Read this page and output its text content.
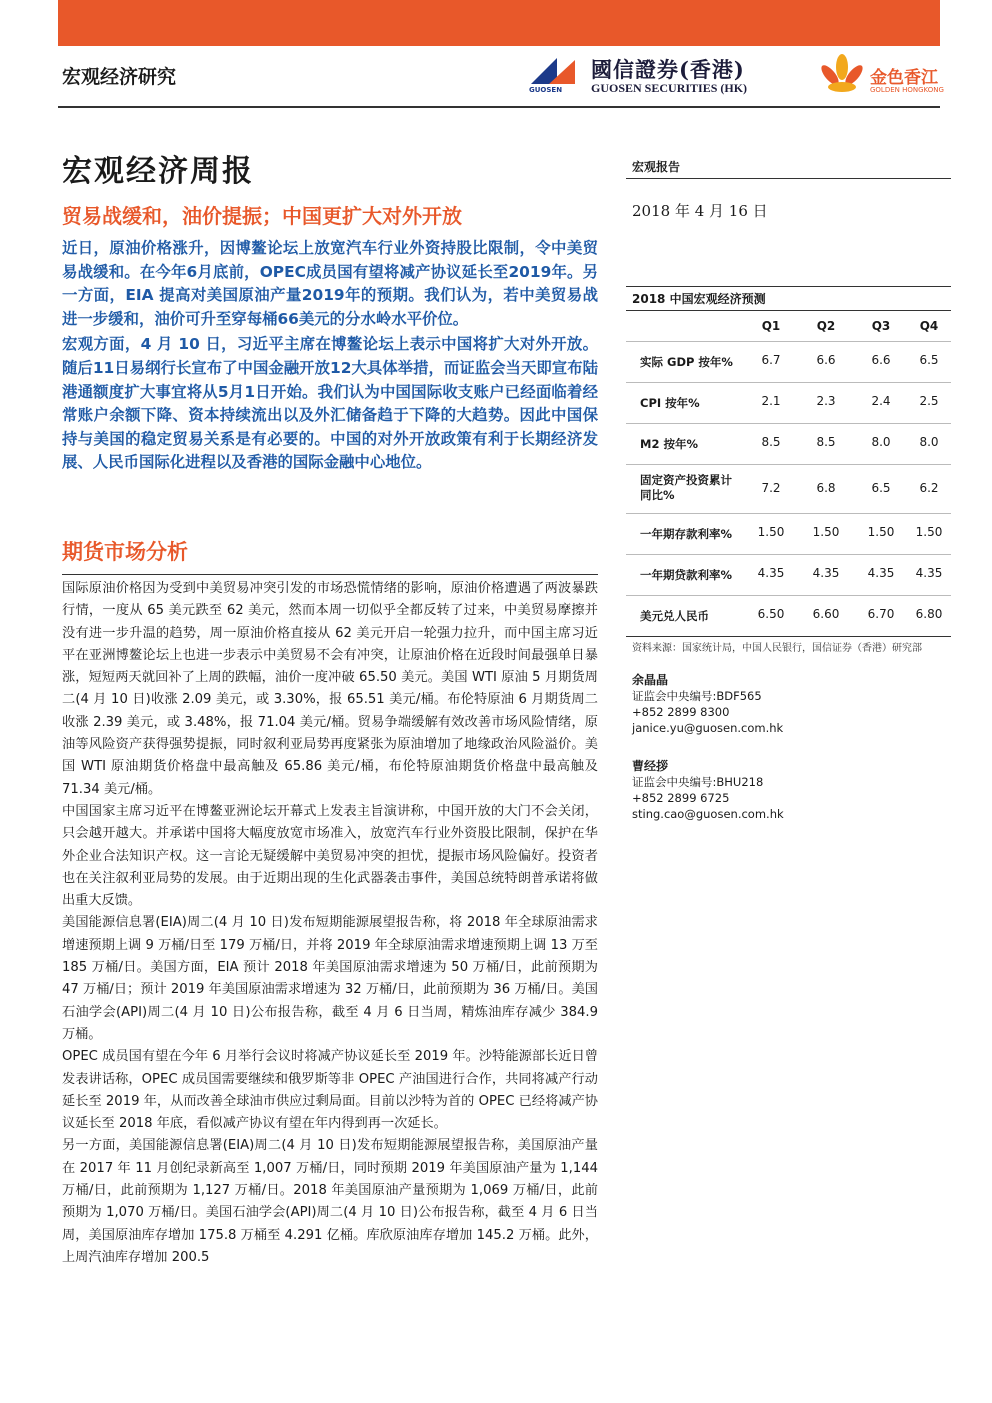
宏观经济研究
GUOSEN
國信證券(香港)
GUOSEN SECURITIES (HK)	金色香江
GOLDEN HONGKONG
宏观经济周报
贸易战缓和，油价提振；中国更扩大对外开放

近日，原油价格涨升，因博鳌论坛上放宽汽车行业外资持股比限制，令中美贸易战缓和。在今年6月底前，OPEC成员国有望将减产协议延长至2019年。另一方面，EIA 提高对美国原油产量2019年的预期。我们认为，若中美贸易战进一步缓和，油价可升至穿每桶66美元的分水岭水平价位。

宏观方面，4 月 10 日，习近平主席在博鳌论坛上表示中国将扩大对外开放。随后11日易纲行长宣布了中国金融开放12大具体举措，而证监会当天即宣布陆港通额度扩大事宜将从5月1日开始。我们认为中国国际收支账户已经面临着经常账户余额下降、资本持续流出以及外汇储备趋于下降的大趋势。因此中国保持与美国的稳定贸易关系是有必要的。中国的对外开放政策有利于长期经济发展、人民币国际化进程以及香港的国际金融中心地位。

期货市场分析

国际原油价格因为受到中美贸易冲突引发的市场恐慌情绪的影响，原油价格遭遇了两波暴跌行情，一度从 65 美元跌至 62 美元，然而本周一切似乎全都反转了过来，中美贸易摩擦并没有进一步升温的趋势，周一原油价格直接从 62 美元开启一轮强力拉升，而中国主席习近平在亚洲博鳌论坛上也进一步表示中美贸易不会有冲突，让原油价格在近段时间最强单日暴涨，短短两天就回补了上周的跌幅，油价一度冲破 65.50 美元。美国 WTI 原油 5 月期货周二(4 月 10 日)收涨 2.09 美元，或 3.30%，报 65.51 美元/桶。布伦特原油 6 月期货周二收涨 2.39 美元，或 3.48%，报 71.04 美元/桶。贸易争端缓解有效改善市场风险情绪，原油等风险资产获得强势提振，同时叙利亚局势再度紧张为原油增加了地缘政治风险溢价。美国 WTI 原油期货价格盘中最高触及 65.86 美元/桶，布伦特原油期货价格盘中最高触及 71.34 美元/桶。

中国国家主席习近平在博鳌亚洲论坛开幕式上发表主旨演讲称，中国开放的大门不会关闭，只会越开越大。并承诺中国将大幅度放宽市场准入，放宽汽车行业外资股比限制，保护在华外企业合法知识产权。这一言论无疑缓解中美贸易冲突的担忧，提振市场风险偏好。投资者也在关注叙利亚局势的发展。由于近期出现的生化武器袭击事件，美国总统特朗普承诺将做出重大反馈。

美国能源信息署(EIA)周二(4 月 10 日)发布短期能源展望报告称，将 2018 年全球原油需求增速预期上调 9 万桶/日至 179 万桶/日，并将 2019 年全球原油需求增速预期上调 13 万至 185 万桶/日。美国方面，EIA 预计 2018 年美国原油需求增速为 50 万桶/日，此前预期为 47 万桶/日；预计 2019 年美国原油需求增速为 32 万桶/日，此前预期为 36 万桶/日。美国石油学会(API)周二(4 月 10 日)公布报告称，截至 4 月 6 日当周，精炼油库存减少 384.9 万桶。

OPEC 成员国有望在今年 6 月举行会议时将减产协议延长至 2019 年。沙特能源部长近日曾发表讲话称，OPEC 成员国需要继续和俄罗斯等非 OPEC 产油国进行合作，共同将减产行动延长至 2019 年，从而改善全球油市供应过剩局面。目前以沙特为首的 OPEC 已经将减产协议延长至 2018 年底，看似减产协议有望在年内得到再一次延长。

另一方面，美国能源信息署(EIA)周二(4 月 10 日)发布短期能源展望报告称，美国原油产量在 2017 年 11 月创纪录新高至 1,007 万桶/日，同时预期 2019 年美国原油产量为 1,144 万桶/日，此前预期为 1,127 万桶/日。2018 年美国原油产量预期为 1,069 万桶/日，此前预期为 1,070 万桶/日。美国石油学会(API)周二(4 月 10 日)公布报告称，截至 4 月 6 日当周，美国原油库存增加 175.8 万桶至 4.291 亿桶。库欣原油库存增加 145.2 万桶。此外，上周汽油库存增加 200.5

宏观报告
2018 年 4 月 16 日
2018 中国宏观经济预测
Q1	Q2	Q3	Q4
实际 GDP 按年%	6.7	6.6	6.6	6.5
CPI 按年%	2.1	2.3	2.4	2.5
M2 按年%	8.5	8.5	8.0	8.0
固定资产投资累计同比%	7.2	6.8	6.5	6.2
一年期存款利率%	1.50	1.50	1.50	1.50
一年期贷款利率%	4.35	4.35	4.35	4.35
美元兑人民币	6.50	6.60	6.70	6.80
资料来源：国家统计局，中国人民银行，国信证券（香港）研究部
余晶晶
证监会中央编号:BDF565
+852 2899 8300
janice.yu@guosen.com.hk
曹经拶
证监会中央编号:BHU218
+852 2899 6725
sting.cao@guosen.com.hk
